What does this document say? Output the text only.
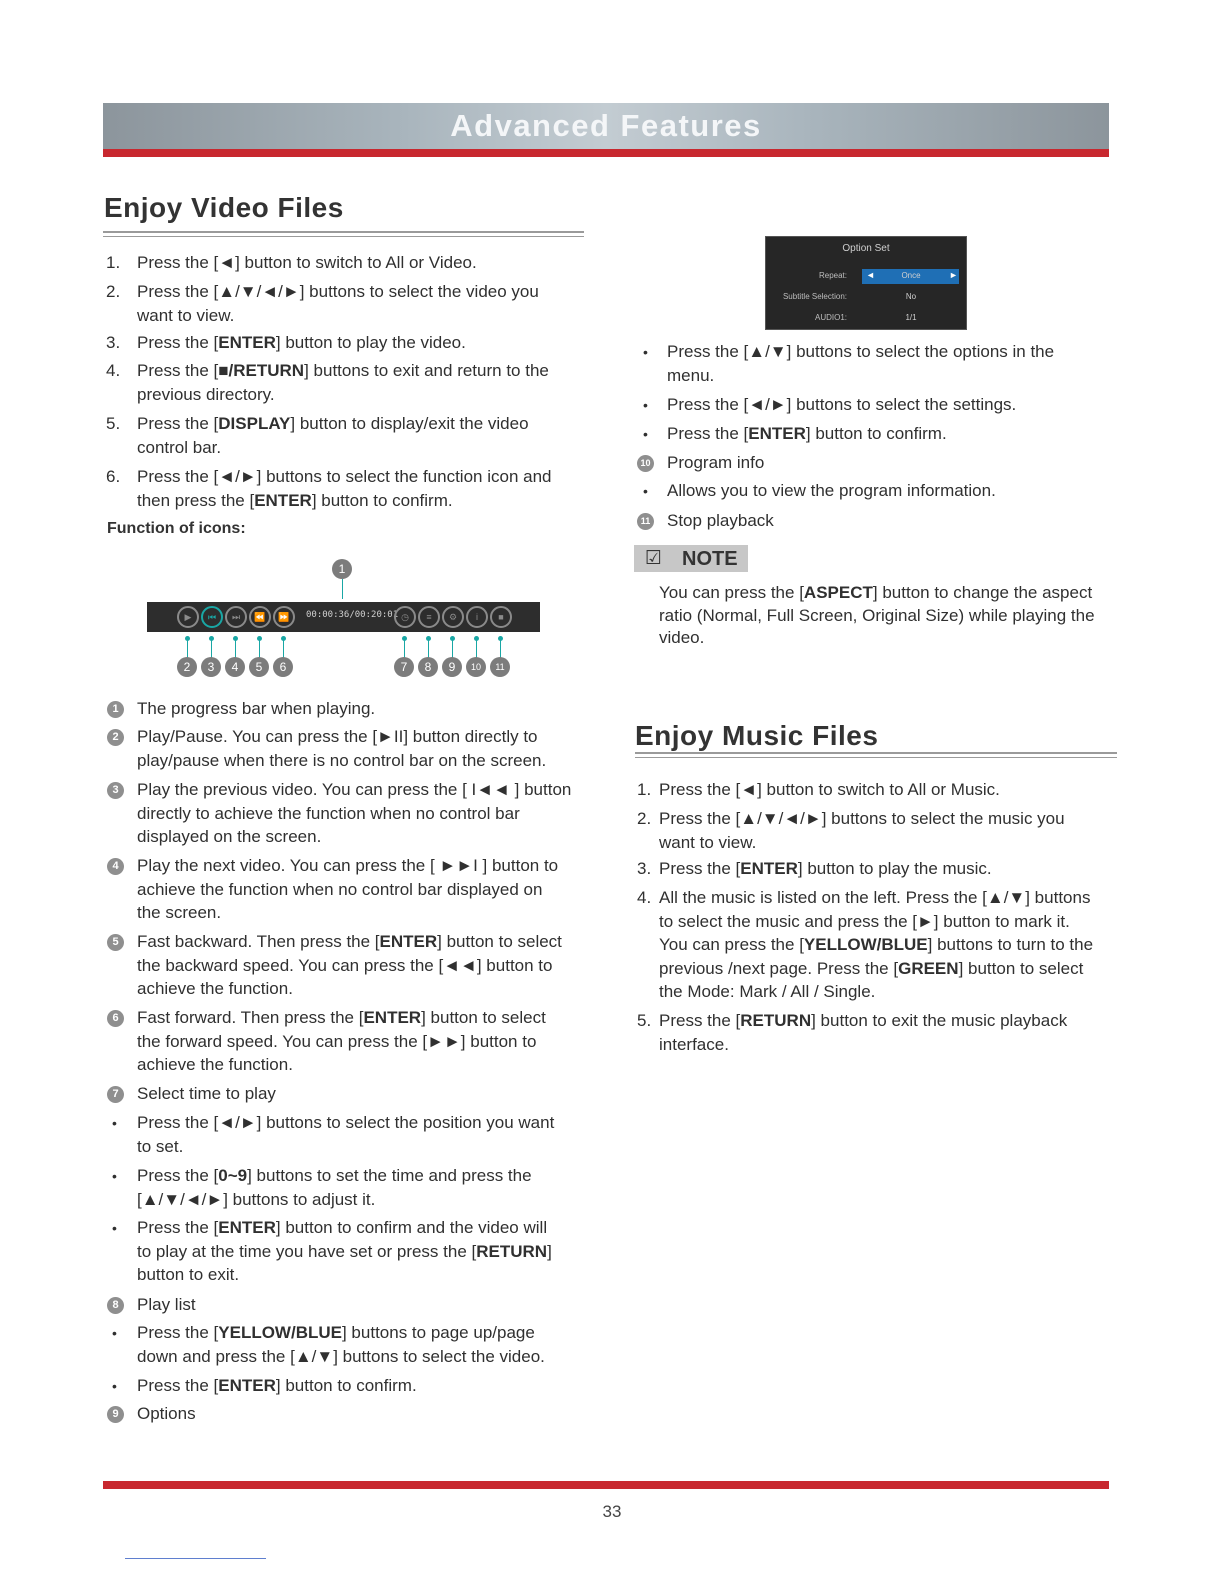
Advanced Features
Enjoy Video Files
Function of icons:
00:00:36/00:20:01
▶	⏮	⏭	⏪	⏩	◷	≡	⚙	i	■
1
2	3	4	5	6	7	8	9	10	11
Option Set
◄	►
Repeat:	Once
Subtitle Selection:	No
AUDIO1:	1/1
☑ NOTE
Enjoy Music Files
1. Press the [◄] button to switch to All or Video.
2. Press the [▲/▼/◄/►] buttons to select the video you
want to view.
3. Press the [ENTER] button to play the video.
4. Press the [■/RETURN] buttons to exit and return to the
previous directory.
5. Press the [DISPLAY] button to display/exit the video
control bar.
6. Press the [◄/►] buttons to select the function icon and
then press the [ENTER] button to confirm.
1	The progress bar when playing.
2	Play/Pause. You can press the [►II] button directly to
play/pause when there is no control bar on the screen.
3	Play the previous video. You can press the [ I◄◄ ] button
directly to achieve the function when no control bar
displayed on the screen.
4	Play the next video. You can press the [ ►►I ] button to
achieve the function when no control bar displayed on
the screen.
5	Fast backward. Then press the [ENTER] button to select
the backward speed. You can press the [◄◄] button to
achieve the function.
6	Fast forward. Then press the [ENTER] button to select
the forward speed. You can press the [►►] button to
achieve the function.
7	Select time to play
• Press the [◄/►] buttons to select the position you want
to set.
• Press the [0~9] buttons to set the time and press the
[▲/▼/◄/►] buttons to adjust it.
• Press the [ENTER] button to confirm and the video will
to play at the time you have set or press the [RETURN]
button to exit.
8	Play list
• Press the [YELLOW/BLUE] buttons to page up/page
down and press the [▲/▼] buttons to select the video.
• Press the [ENTER] button to confirm.
9	Options
• Press the [▲/▼] buttons to select the options in the
menu.
• Press the [◄/►] buttons to select the settings.
• Press the [ENTER] button to confirm.
10 Program info
• Allows you to view the program information.
11 Stop playback
You can press the [ASPECT] button to change the aspect
ratio (Normal, Full Screen, Original Size) while playing the
video.
1. Press the [◄] button to switch to All or Music.
2. Press the [▲/▼/◄/►] buttons to select the music you
want to view.
3. Press the [ENTER] button to play the music.
4. All the music is listed on the left. Press the [▲/▼] buttons
to select the music and press the [►] button to mark it.
You can press the [YELLOW/BLUE] buttons to turn to the
previous /next page. Press the [GREEN] button to select
the Mode: Mark / All / Single.
5. Press the [RETURN] button to exit the music playback
interface.
33
